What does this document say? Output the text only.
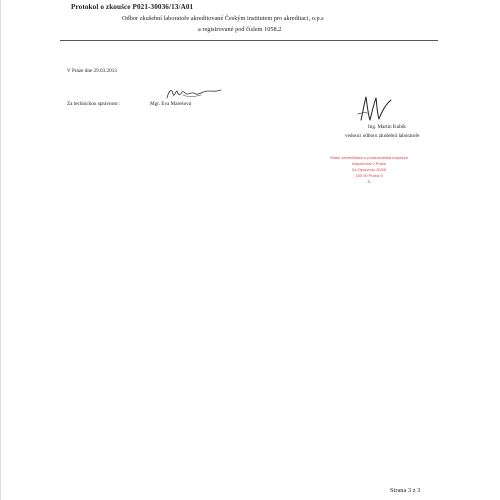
Protokol o zkoušce P021-30036/13/A01
Odbor zkušební laboratoře akreditované Českým institutem pro akreditaci, o.p.s
a registrované pod číslem 1058.2
V Praze dne 29.03.2013
Za technickou správnost :	Mgr. Eva Marešová
Ing. Martin Kubík
vedoucí odboru zkušební laboratoře
Státní zemědělská a potravinářská inspekce
Inspektorát v Praze
Za Opravnou 303/6
150 00 Praha 5
-5-
Strana 3 z 3
